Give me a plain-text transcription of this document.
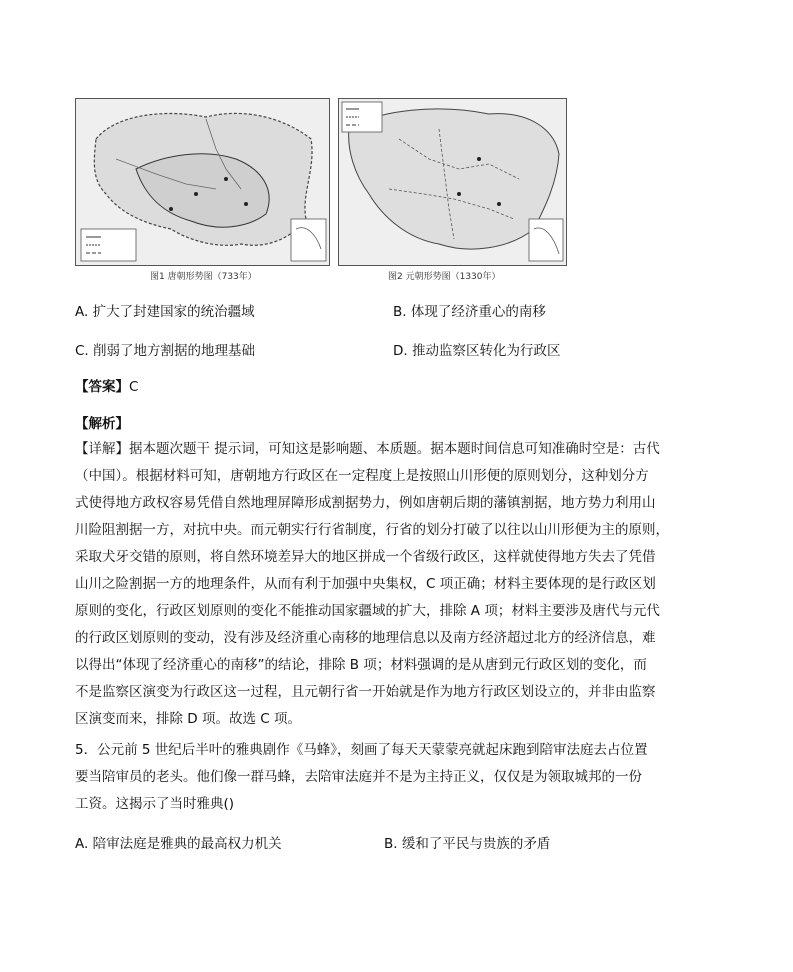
图1 唐朝形势图（733年）	图2 元朝形势图（1330年）
A. 扩大了封建国家的统治疆域	B. 体现了经济重心的南移
C. 削弱了地方割据的地理基础	D. 推动监察区转化为行政区
【答案】C
【解析】
【详解】据本题次题干 提示词，可知这是影响题、本质题。据本题时间信息可知准确时空是：古代
（中国）。根据材料可知，唐朝地方行政区在一定程度上是按照山川形便的原则划分，这种划分方
式使得地方政权容易凭借自然地理屏障形成割据势力，例如唐朝后期的藩镇割据，地方势力利用山
川险阻割据一方，对抗中央。而元朝实行行省制度，行省的划分打破了以往以山川形便为主的原则，
采取犬牙交错的原则，将自然环境差异大的地区拼成一个省级行政区，这样就使得地方失去了凭借
山川之险割据一方的地理条件，从而有利于加强中央集权，C 项正确；材料主要体现的是行政区划
原则的变化，行政区划原则的变化不能推动国家疆域的扩大，排除 A 项；材料主要涉及唐代与元代
的行政区划原则的变动，没有涉及经济重心南移的地理信息以及南方经济超过北方的经济信息，难
以得出“体现了经济重心的南移”的结论，排除 B 项；材料强调的是从唐到元行政区划的变化，而
不是监察区演变为行政区这一过程，且元朝行省一开始就是作为地方行政区划设立的，并非由监察
区演变而来，排除 D 项。故选 C 项。
5．公元前 5 世纪后半叶的雅典剧作《马蜂》，刻画了每天天蒙蒙亮就起床跑到陪审法庭去占位置
要当陪审员的老头。他们像一群马蜂，去陪审法庭并不是为主持正义，仅仅是为领取城邦的一份
工资。这揭示了当时雅典()
A. 陪审法庭是雅典的最高权力机关	B. 缓和了平民与贵族的矛盾
